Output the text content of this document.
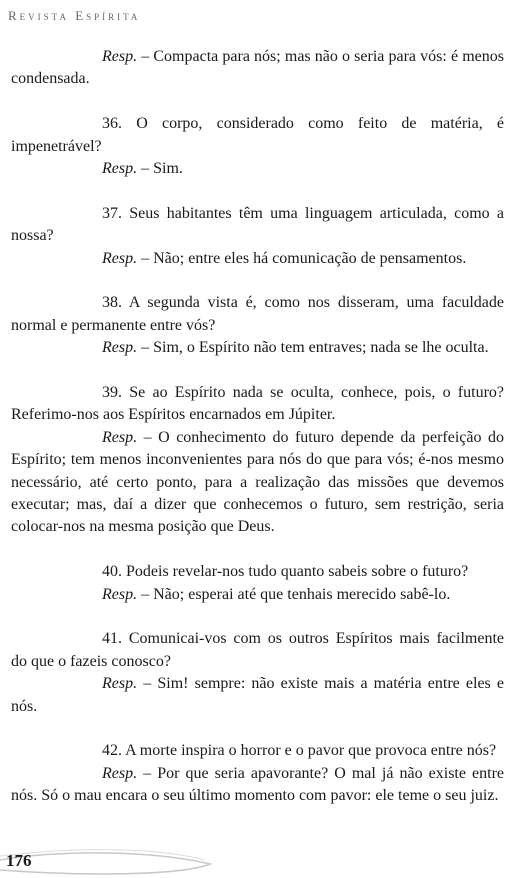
Revista Espírita

Resp. – Compacta para nós; mas não o seria para vós: é menos condensada.

36. O corpo, considerado como feito de matéria, é impenetrável?

Resp. – Sim.

37. Seus habitantes têm uma linguagem articulada, como a nossa?

Resp. – Não; entre eles há comunicação de pensamentos.

38. A segunda vista é, como nos disseram, uma faculdade normal e permanente entre vós?

Resp. – Sim, o Espírito não tem entraves; nada se lhe oculta.

39. Se ao Espírito nada se oculta, conhece, pois, o futuro? Referimo-nos aos Espíritos encarnados em Júpiter.

Resp. – O conhecimento do futuro depende da perfeição do Espírito; tem menos inconvenientes para nós do que para vós; é-nos mesmo necessário, até certo ponto, para a realização das missões que devemos executar; mas, daí a dizer que conhecemos o futuro, sem restrição, seria colocar-nos na mesma posição que Deus.

40. Podeis revelar-nos tudo quanto sabeis sobre o futuro?

Resp. – Não; esperai até que tenhais merecido sabê-lo.

41. Comunicai-vos com os outros Espíritos mais facilmente do que o fazeis conosco?

Resp. – Sim! sempre: não existe mais a matéria entre eles e nós.

42. A morte inspira o horror e o pavor que provoca entre nós?

Resp. – Por que seria apavorante? O mal já não existe entre nós. Só o mau encara o seu último momento com pavor: ele teme o seu juiz.

176
